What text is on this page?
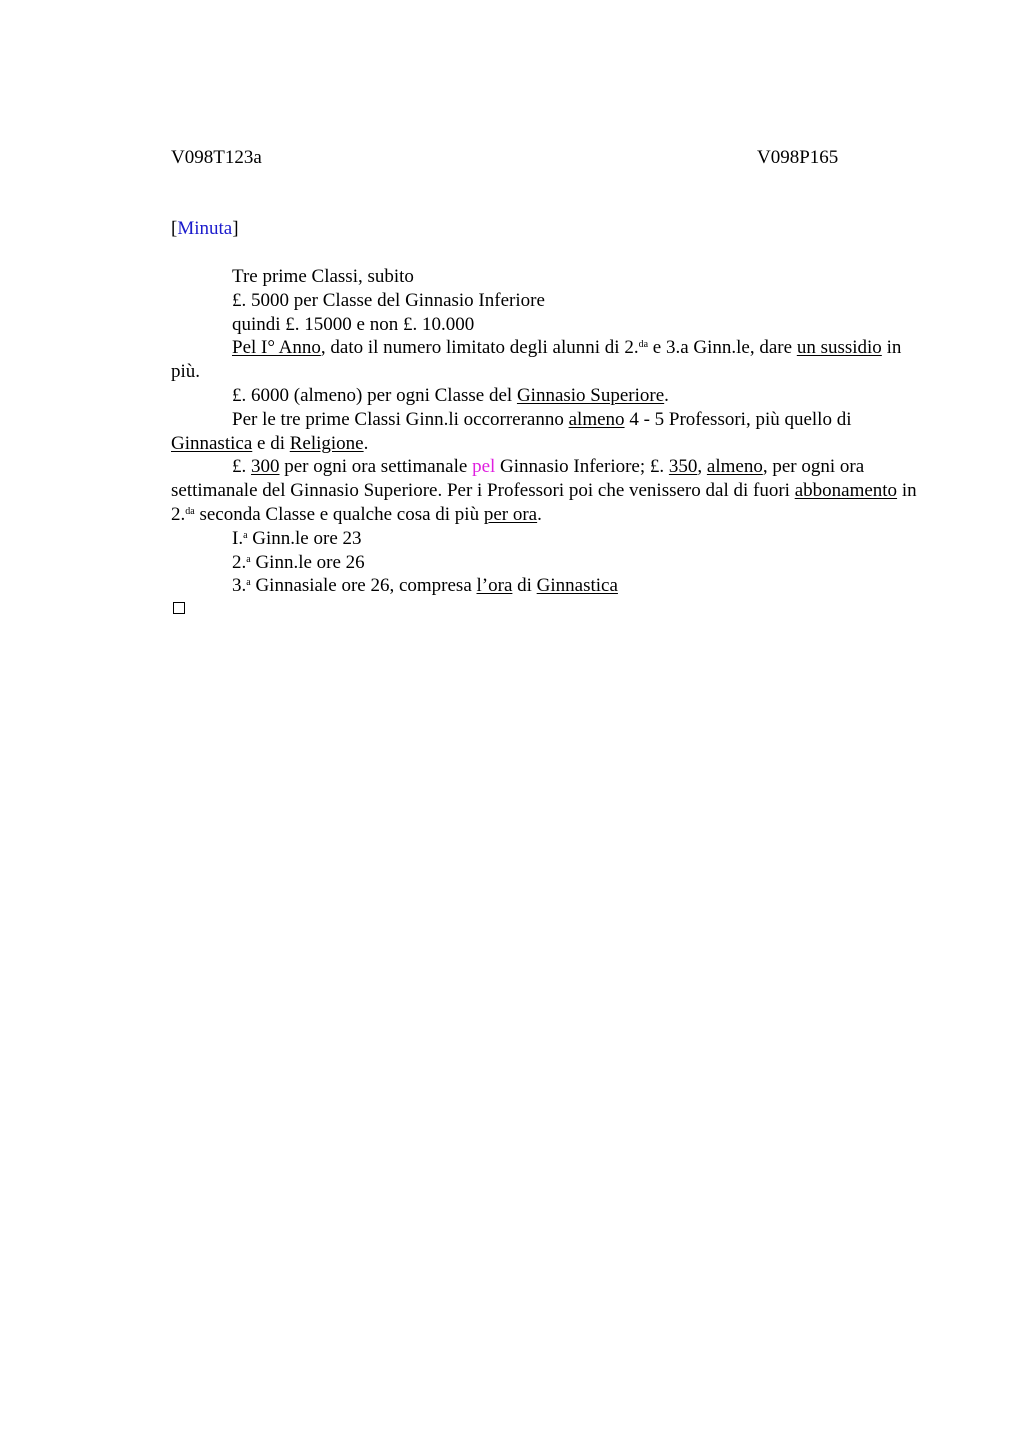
V098T123a	V098P165
[Minuta]

Tre prime Classi, subito

£. 5000 per Classe del Ginnasio Inferiore

quindi £. 15000 e non £. 10.000

Pel I° Anno, dato il numero limitato degli alunni di 2.$^{da}$ e 3.a Ginn.le, dare un sussidio in più.

£. 6000 (almeno) per ogni Classe del Ginnasio Superiore.

Per le tre prime Classi Ginn.li occorreranno almeno 4 - 5 Professori, più quello di Ginnastica e di Religione.

£. 300 per ogni ora settimanale pel Ginnasio Inferiore; £. 350, almeno, per ogni ora settimanale del Ginnasio Superiore. Per i Professori poi che venissero dal di fuori abbonamento in 2.$^{da}$ seconda Classe e qualche cosa di più per ora.

I.$^a$ Ginn.le ore 23

2.$^a$ Ginn.le ore 26

3.$^a$ Ginnasiale ore 26, compresa l’ora di Ginnastica
